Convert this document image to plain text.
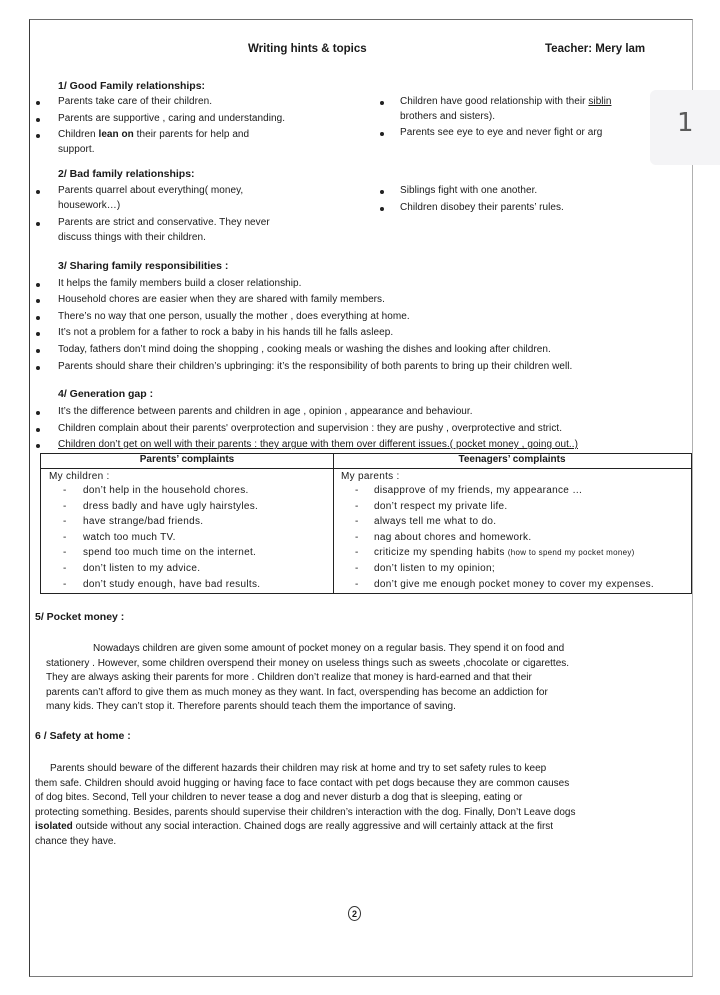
Writing hints & topics	Teacher: Mery lam
1
1/ Good Family relationships:
Parents take care of their children.
Parents are supportive , caring and understanding.
Children lean on their parents for help and
support.
Children have good relationship with their siblin
brothers and sisters).
Parents see eye to eye and never fight or arg
2/ Bad family relationships:
Parents quarrel about everything( money,
housework…)
Parents are strict and conservative. They never
discuss things with their children.
Siblings fight with one another.
Children disobey their parents’ rules.
3/ Sharing family responsibilities :
It helps the family members build a closer relationship.
Household chores are easier when they are shared with family members.
There’s no way that one person, usually the mother , does everything at home.
It’s not a problem for a father to rock a baby in his hands till he falls asleep.
Today, fathers don’t mind doing the shopping , cooking meals or washing the dishes and looking after children.
Parents should share their children’s upbringing: it’s the responsibility of both parents to bring up their children well.
4/ Generation gap :
It’s the difference between parents and children in age , opinion , appearance and behaviour.
Children complain about their parents' overprotection and supervision : they are pushy , overprotective and strict.
Children don’t get on well with their parents : they argue with them over different issues.( pocket money , going out..)
Parents’ complaints	Teenagers’ complaints
My children :
- don’t help in the household chores.
- dress badly and have ugly hairstyles.
- have strange/bad friends.
- watch too much TV.
- spend too much time on the internet.
- don’t listen to my advice.
- don’t study enough, have bad results.
My parents :
- disapprove of my friends, my appearance …
- don’t respect my private life.
- always tell me what to do.
- nag about chores and homework.
- criticize my spending habits (how to spend my pocket money)
- don’t listen to my opinion;
- don’t give me enough pocket money to cover my expenses.
5/ Pocket money :
Nowadays children are given some amount of pocket money on a regular basis. They spend it on food and
stationery . However, some children overspend their money on useless things such as sweets ,chocolate or cigarettes.
They are always asking their parents for more . Children don’t realize that money is hard-earned and that their
parents can’t afford to give them as much money as they want. In fact, overspending has become an addiction for
many kids. They can’t stop it. Therefore parents should teach them the importance of saving.
6 / Safety at home :
Parents should beware of the different hazards their children may risk at home and try to set safety rules to keep
them safe. Children should avoid hugging or having face to face contact with pet dogs because they are common causes
of dog bites. Second, Tell your children to never tease a dog and never disturb a dog that is sleeping, eating or
protecting something. Besides, parents should supervise their children’s interaction with the dog. Finally, Don’t Leave dogs
isolated outside without any social interaction. Chained dogs are really aggressive and will certainly attack at the first
chance they have.
2
